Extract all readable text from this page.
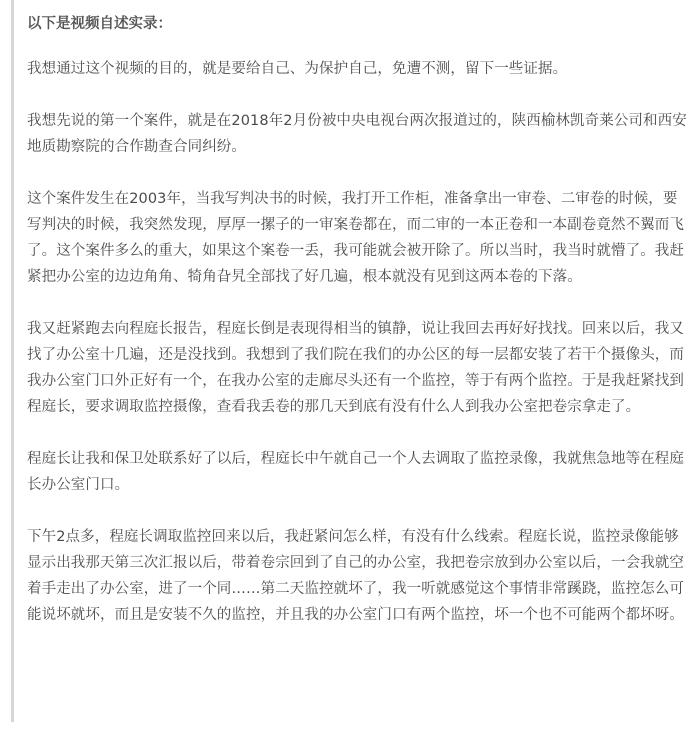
以下是视频自述实录：

我想通过这个视频的目的，就是要给自己、为保护自己，免遭不测，留下一些证据。

我想先说的第一个案件，就是在2018年2月份被中央电视台两次报道过的，陕西榆林凯奇莱公司和西安地质勘察院的合作勘查合同纠纷。

这个案件发生在2003年，当我写判决书的时候，我打开工作柜，准备拿出一审卷、二审卷的时候，要写判决的时候，我突然发现，厚厚一摞子的一审案卷都在，而二审的一本正卷和一本副卷竟然不翼而飞了。这个案件多么的重大，如果这个案卷一丢，我可能就会被开除了。所以当时，我当时就懵了。我赶紧把办公室的边边角角、犄角旮旯全部找了好几遍，根本就没有见到这两本卷的下落。

我又赶紧跑去向程庭长报告，程庭长倒是表现得相当的镇静，说让我回去再好好找找。回来以后，我又找了办公室十几遍，还是没找到。我想到了我们院在我们的办公区的每一层都安装了若干个摄像头，而我办公室门口外正好有一个，在我办公室的走廊尽头还有一个监控，等于有两个监控。于是我赶紧找到程庭长，要求调取监控摄像，查看我丢卷的那几天到底有没有什么人到我办公室把卷宗拿走了。

程庭长让我和保卫处联系好了以后，程庭长中午就自己一个人去调取了监控录像，我就焦急地等在程庭长办公室门口。

下午2点多，程庭长调取监控回来以后，我赶紧问怎么样，有没有什么线索。程庭长说，监控录像能够显示出我那天第三次汇报以后，带着卷宗回到了自己的办公室，我把卷宗放到办公室以后，一会我就空着手走出了办公室，进了一个同……第二天监控就坏了，我一听就感觉这个事情非常蹊跷，监控怎么可能说坏就坏，而且是安装不久的监控，并且我的办公室门口有两个监控，坏一个也不可能两个都坏呀。
